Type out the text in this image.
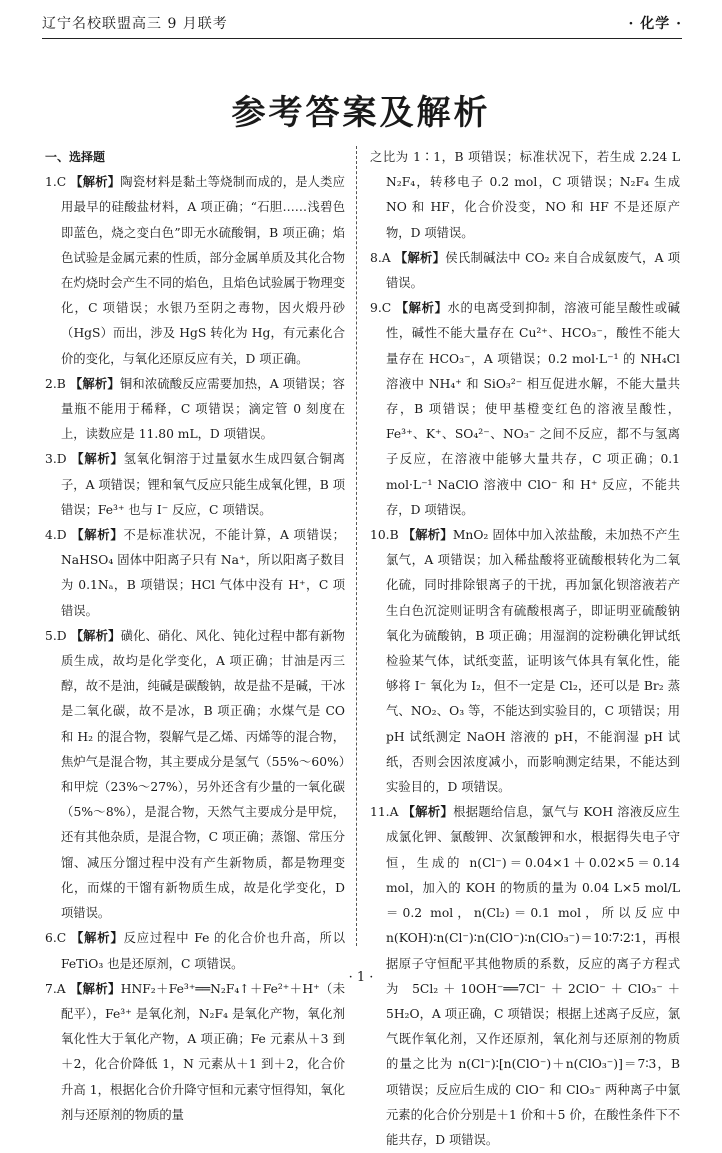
辽宁名校联盟高三 9 月联考	· 化学 ·
参考答案及解析
一、选择题

1.C 【解析】陶瓷材料是黏土等烧制而成的，是人类应用最早的硅酸盐材料，A 项正确；“石胆……浅碧色即蓝色，烧之变白色”即无水硫酸铜，B 项正确；焰色试验是金属元素的性质，部分金属单质及其化合物在灼烧时会产生不同的焰色，且焰色试验属于物理变化，C 项错误；水银乃至阴之毒物，因火煅丹砂（HgS）而出，涉及 HgS 转化为 Hg，有元素化合价的变化，与氧化还原反应有关，D 项正确。

2.B 【解析】铜和浓硫酸反应需要加热，A 项错误；容量瓶不能用于稀释，C 项错误；滴定管 0 刻度在上，读数应是 11.80 mL，D 项错误。

3.D 【解析】氢氧化铜溶于过量氨水生成四氨合铜离子，A 项错误；锂和氧气反应只能生成氧化锂，B 项错误；Fe³⁺ 也与 I⁻ 反应，C 项错误。

4.D 【解析】不是标准状况，不能计算，A 项错误；NaHSO₄ 固体中阳离子只有 Na⁺，所以阳离子数目为 0.1Nₐ，B 项错误；HCl 气体中没有 H⁺，C 项错误。

5.D 【解析】磺化、硝化、风化、钝化过程中都有新物质生成，故均是化学变化，A 项正确；甘油是丙三醇，故不是油，纯碱是碳酸钠，故是盐不是碱，干冰是二氧化碳，故不是冰，B 项正确；水煤气是 CO 和 H₂ 的混合物，裂解气是乙烯、丙烯等的混合物，焦炉气是混合物，其主要成分是氢气（55%～60%）和甲烷（23%～27%），另外还含有少量的一氧化碳（5%～8%），是混合物，天然气主要成分是甲烷，还有其他杂质，是混合物，C 项正确；蒸馏、常压分馏、减压分馏过程中没有产生新物质，都是物理变化，而煤的干馏有新物质生成，故是化学变化，D 项错误。

6.C 【解析】反应过程中 Fe 的化合价也升高，所以 FeTiO₃ 也是还原剂，C 项错误。

7.A 【解析】HNF₂＋Fe³⁺══N₂F₄↑＋Fe²⁺＋H⁺（未配平），Fe³⁺ 是氧化剂，N₂F₄ 是氧化产物，氧化剂氧化性大于氧化产物，A 项正确；Fe 元素从＋3 到＋2，化合价降低 1，N 元素从＋1 到＋2，化合价升高 1，根据化合价升降守恒和元素守恒得知，氧化剂与还原剂的物质的量

之比为 1∶1，B 项错误；标准状况下，若生成 2.24 L N₂F₄，转移电子 0.2 mol，C 项错误；N₂F₄ 生成 NO 和 HF，化合价没变，NO 和 HF 不是还原产物，D 项错误。

8.A 【解析】侯氏制碱法中 CO₂ 来自合成氨废气，A 项错误。

9.C 【解析】水的电离受到抑制，溶液可能呈酸性或碱性，碱性不能大量存在 Cu²⁺、HCO₃⁻，酸性不能大量存在 HCO₃⁻，A 项错误；0.2 mol·L⁻¹ 的 NH₄Cl 溶液中 NH₄⁺ 和 SiO₃²⁻ 相互促进水解，不能大量共存，B 项错误；使甲基橙变红色的溶液呈酸性，Fe³⁺、K⁺、SO₄²⁻、NO₃⁻ 之间不反应，都不与氢离子反应，在溶液中能够大量共存，C 项正确；0.1 mol·L⁻¹ NaClO 溶液中 ClO⁻ 和 H⁺ 反应，不能共存，D 项错误。

10.B 【解析】MnO₂ 固体中加入浓盐酸，未加热不产生氯气，A 项错误；加入稀盐酸将亚硫酸根转化为二氧化硫，同时排除银离子的干扰，再加氯化钡溶液若产生白色沉淀则证明含有硫酸根离子，即证明亚硫酸钠氧化为硫酸钠，B 项正确；用湿润的淀粉碘化钾试纸检验某气体，试纸变蓝，证明该气体具有氧化性，能够将 I⁻ 氧化为 I₂，但不一定是 Cl₂，还可以是 Br₂ 蒸气、NO₂、O₃ 等，不能达到实验目的，C 项错误；用 pH 试纸测定 NaOH 溶液的 pH，不能润湿 pH 试纸，否则会因浓度减小，而影响测定结果，不能达到实验目的，D 项错误。

11.A 【解析】根据题给信息，氯气与 KOH 溶液反应生成氯化钾、氯酸钾、次氯酸钾和水，根据得失电子守恒，生成的 n(Cl⁻)＝0.04×1＋0.02×5＝0.14 mol，加入的 KOH 的物质的量为 0.04 L×5 mol/L＝0.2 mol，n(Cl₂)＝0.1 mol，所以反应中 n(KOH)∶n(Cl⁻)∶n(ClO⁻)∶n(ClO₃⁻)＝10∶7∶2∶1，再根据原子守恒配平其他物质的系数，反应的离子方程式为 5Cl₂＋10OH⁻══7Cl⁻＋2ClO⁻＋ClO₃⁻＋5H₂O，A 项正确，C 项错误；根据上述离子反应，氯气既作氧化剂，又作还原剂，氧化剂与还原剂的物质的量之比为 n(Cl⁻)∶[n(ClO⁻)＋n(ClO₃⁻)]＝7∶3，B 项错误；反应后生成的 ClO⁻ 和 ClO₃⁻ 两种离子中氯元素的化合价分别是＋1 价和＋5 价，在酸性条件下不能共存，D 项错误。

· 1 ·
